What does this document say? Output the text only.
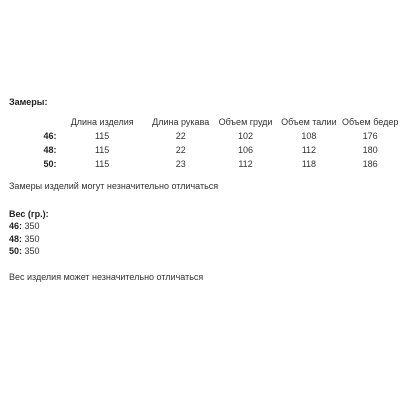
Замеры:
	Длина изделия	Длина рукава	Объем груди	Объем талии	Объем бедер
46:	115	22	102	108	176
48:	115	22	106	112	180
50:	115	23	112	118	186
Замеры изделий могут незначительно отличаться
Вес (гр.):
46: 350
48: 350
50: 350
Вес изделия может незначительно отличаться
